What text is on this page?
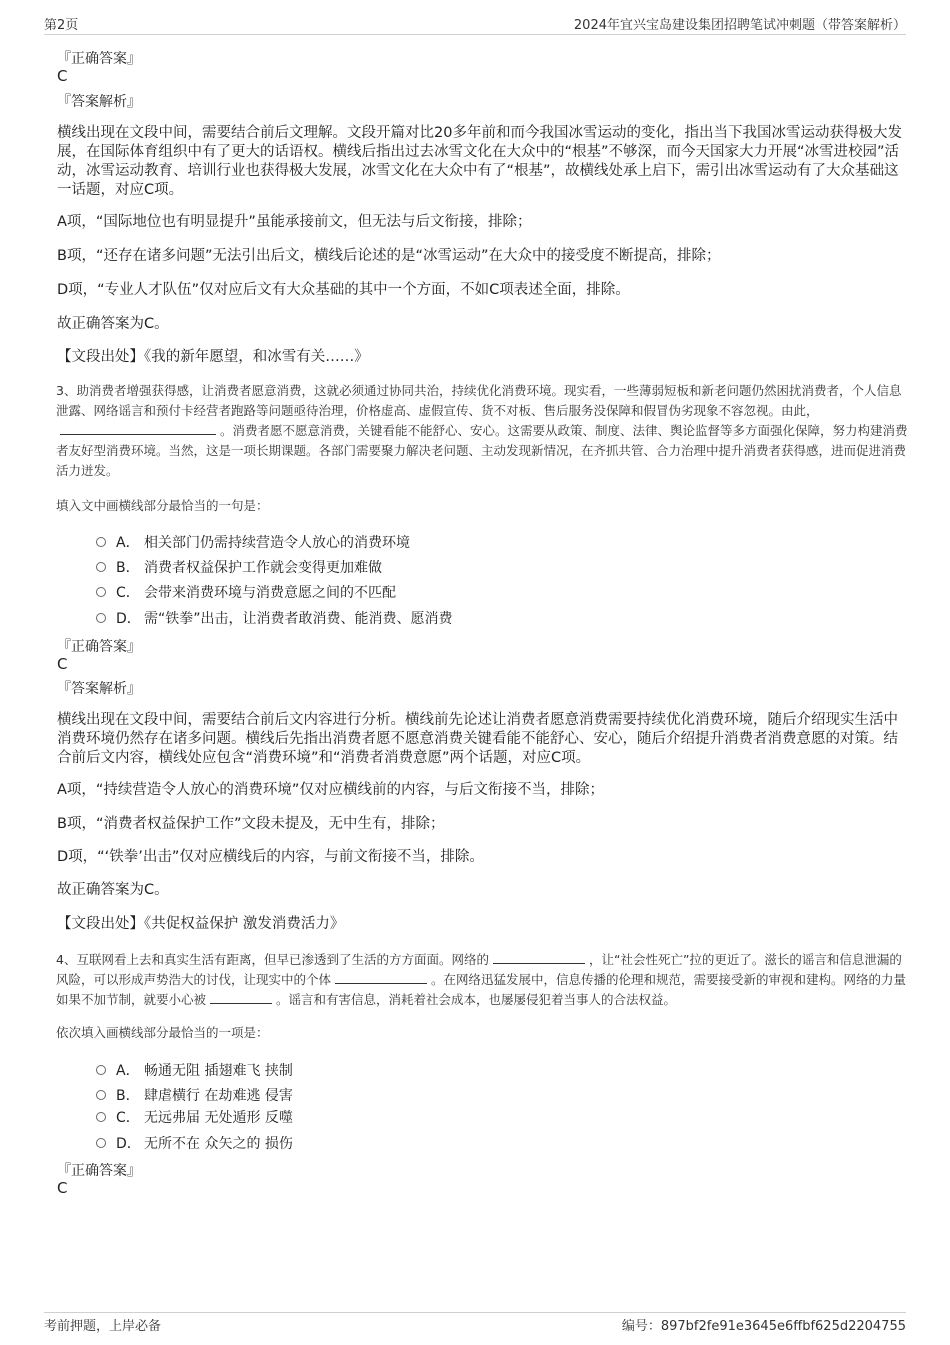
第2页	2024年宜兴宝岛建设集团招聘笔试冲刺题（带答案解析）
『正确答案』
C
『答案解析』
横线出现在文段中间，需要结合前后文理解。文段开篇对比20多年前和而今我国冰雪运动的变化，指出当下我国冰雪运动获得极大发展，在国际体育组织中有了更大的话语权。横线后指出过去冰雪文化在大众中的“根基”不够深，而今天国家大力开展“冰雪进校园”活动，冰雪运动教育、培训行业也获得极大发展，冰雪文化在大众中有了“根基”，故横线处承上启下，需引出冰雪运动有了大众基础这一话题，对应C项。
A项，“国际地位也有明显提升”虽能承接前文，但无法与后文衔接，排除；
B项，“还存在诸多问题”无法引出后文，横线后论述的是“冰雪运动”在大众中的接受度不断提高，排除；
D项，“专业人才队伍”仅对应后文有大众基础的其中一个方面，不如C项表述全面，排除。
故正确答案为C。
【文段出处】《我的新年愿望，和冰雪有关……》
3、助消费者增强获得感，让消费者愿意消费，这就必须通过协同共治，持续优化消费环境。现实看，一些薄弱短板和新老问题仍然困扰消费者，个人信息泄露、网络谣言和预付卡经营者跑路等问题亟待治理，价格虚高、虚假宣传、货不对板、售后服务没保障和假冒伪劣现象不容忽视。由此，。消费者愿不愿意消费，关键看能不能舒心、安心。这需要从政策、制度、法律、舆论监督等多方面强化保障，努力构建消费者友好型消费环境。当然，这是一项长期课题。各部门需要聚力解决老问题、主动发现新情况，在齐抓共管、合力治理中提升消费者获得感，进而促进消费活力迸发。
填入文中画横线部分最恰当的一句是：
A． 相关部门仍需持续营造令人放心的消费环境
B． 消费者权益保护工作就会变得更加难做
C． 会带来消费环境与消费意愿之间的不匹配
D． 需“铁拳”出击，让消费者敢消费、能消费、愿消费
『正确答案』
C
『答案解析』
横线出现在文段中间，需要结合前后文内容进行分析。横线前先论述让消费者愿意消费需要持续优化消费环境，随后介绍现实生活中消费环境仍然存在诸多问题。横线后先指出消费者愿不愿意消费关键看能不能舒心、安心，随后介绍提升消费者消费意愿的对策。结合前后文内容，横线处应包含“消费环境”和“消费者消费意愿”两个话题，对应C项。
A项，“持续营造令人放心的消费环境”仅对应横线前的内容，与后文衔接不当，排除；
B项，“消费者权益保护工作”文段未提及，无中生有，排除；
D项，“‘铁拳’出击”仅对应横线后的内容，与前文衔接不当，排除。
故正确答案为C。
【文段出处】《共促权益保护 激发消费活力》
4、互联网看上去和真实生活有距离，但早已渗透到了生活的方方面面。网络的	，让“社会性死亡”拉的更近了。滋长的谣言和信息泄漏的风险，可以形成声势浩大的讨伐，让现实中的个体	。在网络迅猛发展中，信息传播的伦理和规范，需要接受新的审视和建构。网络的力量如果不加节制，就要小心被	。谣言和有害信息，消耗着社会成本，也屡屡侵犯着当事人的合法权益。
依次填入画横线部分最恰当的一项是：
A． 畅通无阻 插翅难飞 挟制
B． 肆虐横行 在劫难逃 侵害
C． 无远弗届 无处遁形 反噬
D． 无所不在 众矢之的 损伤
『正确答案』
C
考前押题，上岸必备	编号：897bf2fe91e3645e6ffbf625d2204755
